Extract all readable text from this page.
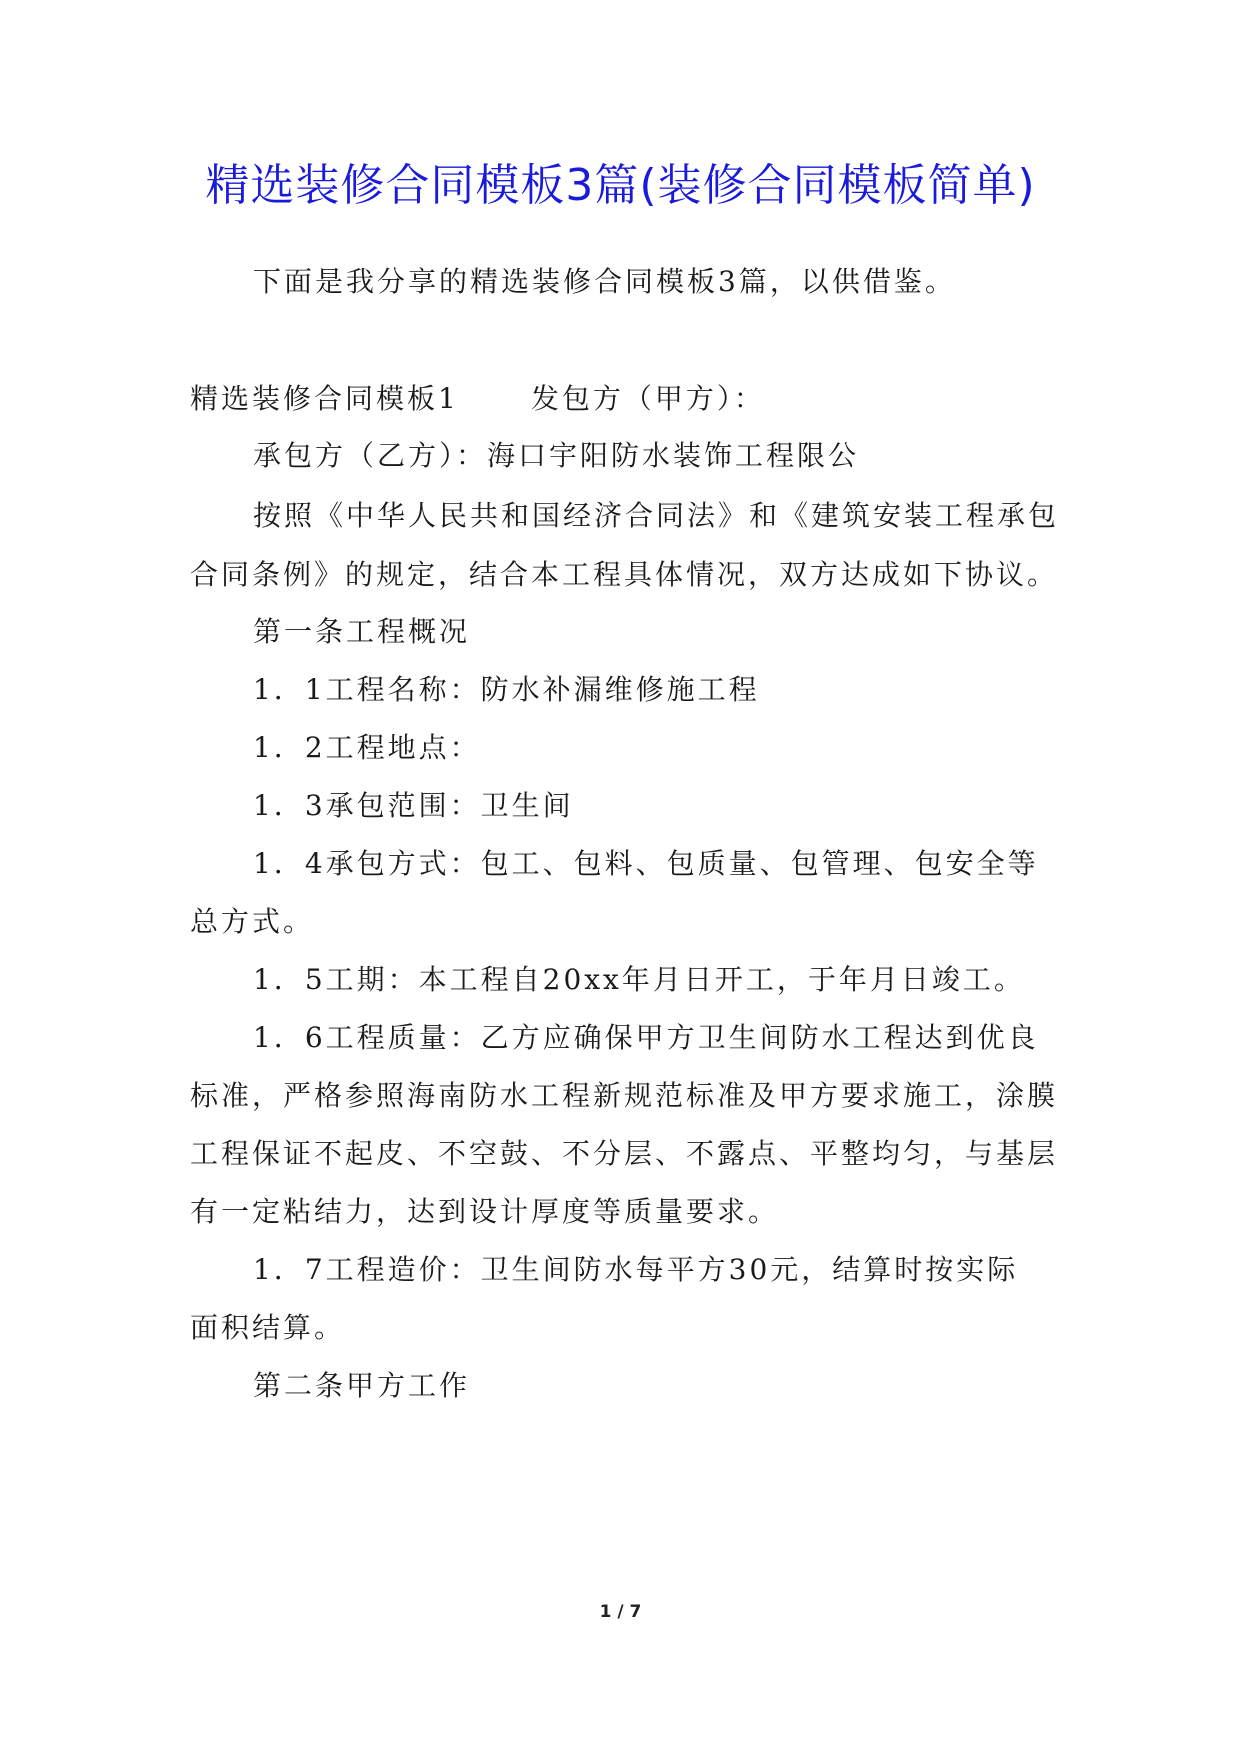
精选装修合同模板3篇(装修合同模板简单)

下面是我分享的精选装修合同模板3篇，以供借鉴。

精选装修合同模板1	发包方（甲方）：

承包方（乙方）：海口宇阳防水装饰工程限公

按照《中华人民共和国经济合同法》和《建筑安装工程承包

合同条例》的规定，结合本工程具体情况，双方达成如下协议。

第一条工程概况

1．1工程名称：防水补漏维修施工程

1．2工程地点：

1．3承包范围：卫生间

1．4承包方式：包工、包料、包质量、包管理、包安全等

总方式。

1．5工期：本工程自20xx年月日开工，于年月日竣工。

1．6工程质量：乙方应确保甲方卫生间防水工程达到优良

标准，严格参照海南防水工程新规范标准及甲方要求施工，涂膜

工程保证不起皮、不空鼓、不分层、不露点、平整均匀，与基层

有一定粘结力，达到设计厚度等质量要求。

1．7工程造价：卫生间防水每平方30元，结算时按实际

面积结算。

第二条甲方工作

1 / 7
